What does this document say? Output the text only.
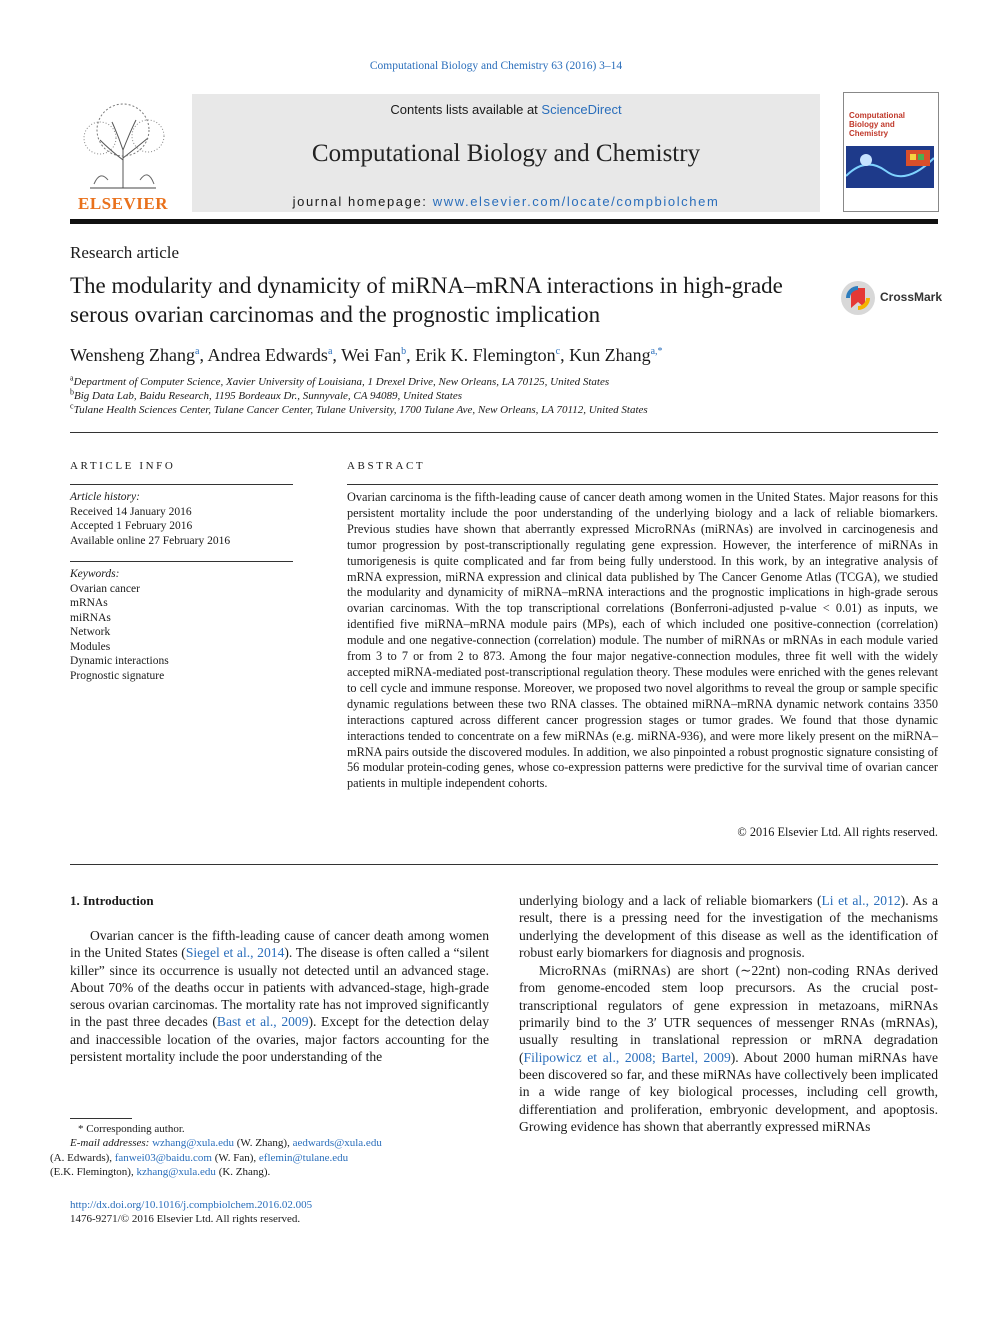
Computational Biology and Chemistry 63 (2016) 3–14
ELSEVIER
Contents lists available at ScienceDirect
Computational Biology and Chemistry
journal homepage: www.elsevier.com/locate/compbiolchem
Computational Biology and Chemistry
Research article
The modularity and dynamicity of miRNA–mRNA interactions in high-grade serous ovarian carcinomas and the prognostic implication
CrossMark
Wensheng Zhang$^a$, Andrea Edwards$^a$, Wei Fan$^b$, Erik K. Flemington$^c$, Kun Zhang$^{a,*}$
$^a$Department of Computer Science, Xavier University of Louisiana, 1 Drexel Drive, New Orleans, LA 70125, United States
$^b$Big Data Lab, Baidu Research, 1195 Bordeaux Dr., Sunnyvale, CA 94089, United States
$^c$Tulane Health Sciences Center, Tulane Cancer Center, Tulane University, 1700 Tulane Ave, New Orleans, LA 70112, United States
ARTICLE INFO
Article history:
Received 14 January 2016
Accepted 1 February 2016
Available online 27 February 2016
Keywords:
Ovarian cancer
mRNAs
miRNAs
Network
Modules
Dynamic interactions
Prognostic signature
ABSTRACT
Ovarian carcinoma is the fifth-leading cause of cancer death among women in the United States. Major reasons for this persistent mortality include the poor understanding of the underlying biology and a lack of reliable biomarkers. Previous studies have shown that aberrantly expressed MicroRNAs (miRNAs) are involved in carcinogenesis and tumor progression by post-transcriptionally regulating gene expression. However, the interference of miRNAs in tumorigenesis is quite complicated and far from being fully understood. In this work, by an integrative analysis of mRNA expression, miRNA expression and clinical data published by The Cancer Genome Atlas (TCGA), we studied the modularity and dynamicity of miRNA–mRNA interactions and the prognostic implications in high-grade serous ovarian carcinomas. With the top transcriptional correlations (Bonferroni-adjusted p-value < 0.01) as inputs, we identified five miRNA–mRNA module pairs (MPs), each of which included one positive-connection (correlation) module and one negative-connection (correlation) module. The number of miRNAs or mRNAs in each module varied from 3 to 7 or from 2 to 873. Among the four major negative-connection modules, three fit well with the widely accepted miRNA-mediated post-transcriptional regulation theory. These modules were enriched with the genes relevant to cell cycle and immune response. Moreover, we proposed two novel algorithms to reveal the group or sample specific dynamic regulations between these two RNA classes. The obtained miRNA–mRNA dynamic network contains 3350 interactions captured across different cancer progression stages or tumor grades. We found that those dynamic interactions tended to concentrate on a few miRNAs (e.g. miRNA-936), and were more likely present on the miRNA–mRNA pairs outside the discovered modules. In addition, we also pinpointed a robust prognostic signature consisting of 56 modular protein-coding genes, whose co-expression patterns were predictive for the survival time of ovarian cancer patients in multiple independent cohorts.
© 2016 Elsevier Ltd. All rights reserved.
1. Introduction

Ovarian cancer is the fifth-leading cause of cancer death among women in the United States (Siegel et al., 2014). The disease is often called a “silent killer” since its occurrence is usually not detected until an advanced stage. About 70% of the deaths occur in patients with advanced-stage, high-grade serous ovarian carcinomas. The mortality rate has not improved significantly in the past three decades (Bast et al., 2009). Except for the detection delay and inaccessible location of the ovaries, major factors accounting for the persistent mortality include the poor understanding of the

underlying biology and a lack of reliable biomarkers (Li et al., 2012). As a result, there is a pressing need for the investigation of the mechanisms underlying the development of this disease as well as the identification of robust early biomarkers for diagnosis and prognosis.

MicroRNAs (miRNAs) are short (∼22nt) non-coding RNAs derived from genome-encoded stem loop precursors. As the crucial post-transcriptional regulators of gene expression in metazoans, miRNAs primarily bind to the 3′ UTR sequences of messenger RNAs (mRNAs), usually resulting in translational repression or mRNA degradation (Filipowicz et al., 2008; Bartel, 2009). About 2000 human miRNAs have been discovered so far, and these miRNAs have collectively been implicated in a wide range of key biological processes, including cell growth, differentiation and proliferation, embryonic development, and apoptosis. Growing evidence has shown that aberrantly expressed miRNAs

* Corresponding author.
E-mail addresses: wzhang@xula.edu (W. Zhang), aedwards@xula.edu
(A. Edwards), fanwei03@baidu.com (W. Fan), eflemin@tulane.edu
(E.K. Flemington), kzhang@xula.edu (K. Zhang).
http://dx.doi.org/10.1016/j.compbiolchem.2016.02.005
1476-9271/© 2016 Elsevier Ltd. All rights reserved.
